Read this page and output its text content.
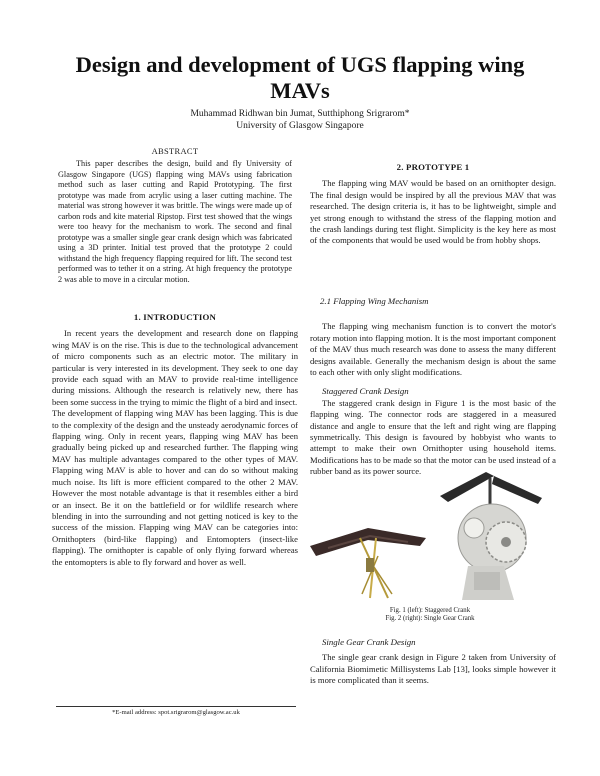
Design and development of UGS flapping wing MAVs
Muhammad Ridhwan bin Jumat, Sutthiphong Srigrarom*
University of Glasgow Singapore
ABSTRACT
This paper describes the design, build and fly University of Glasgow Singapore (UGS) flapping wing MAVs using fabrication method such as laser cutting and Rapid Prototyping. The first prototype was made from acrylic using a laser cutting machine. The material was strong however it was brittle. The wings were made up of carbon rods and kite material Ripstop. First test showed that the wings were too heavy for the mechanism to work. The second and final prototype was a smaller single gear crank design which was fabricated using a 3D printer. Initial test proved that the prototype 2 could withstand the high frequency flapping required for lift. The second test performed was to tether it on a string. At high frequency the prototype 2 was able to move in a circular motion.
1. INTRODUCTION

In recent years the development and research done on flapping wing MAV is on the rise. This is due to the technological advancement of micro components such as an electric motor. The military in particular is very interested in its development. They seek to one day provide each squad with an MAV to provide real-time intelligence during missions. Although the research is relatively new, there has been some success in the trying to mimic the flight of a bird and insect.

The development of flapping wing MAV has been lagging. This is due to the complexity of the design and the unsteady aerodynamic forces of flapping wing. Only in recent years, flapping wing MAV has been gradually being picked up and researched further. The flapping wing MAV has multiple advantages compared to the other types of MAV. Flapping wing MAV is able to hover and can do so without making much noise. Its lift is more efficient compared to the other 2 MAV. However the most notable advantage is that it resembles either a bird or an insect. Be it on the battlefield or for wildlife research where blending in into the surrounding and not getting noticed is key to the success of the mission. Flapping wing MAV can be categories into: Ornithopters (bird-like flapping) and Entomopters (insect-like flapping). The ornithopter is capable of only flying forward whereas the entomopters is able to fly forward and hover as well.

*E-mail address: spot.srigrarom@glasgow.ac.uk
2. PROTOTYPE 1

The flapping wing MAV would be based on an ornithopter design. The final design would be inspired by all the previous MAV that was researched. The design criteria is, it has to be lightweight, simple and yet strong enough to withstand the stress of the flapping motion and the crash landings during test flight. Simplicity is the key here as most of the components that would be used would be from hobby shops.

2.1 Flapping Wing Mechanism

The flapping wing mechanism function is to convert the motor's rotary motion into flapping motion. It is the most important component of the MAV thus much research was done to assess the many different designs available. Generally the mechanism design is about the same to each other with only slight modifications.

Staggered Crank Design

The staggered crank design in Figure 1 is the most basic of the flapping wing. The connector rods are staggered in a measured distance and angle to ensure that the left and right wing are flapping symmetrically. This design is favoured by hobbyist who wants to attempt to make their own Ornithopter using household items. Modifications has to be made so that the motor can be used instead of a rubber band as its power source.

Fig. 1 (left): Staggered Crank
Fig. 2 (right): Single Gear Crank
Single Gear Crank Design

The single gear crank design in Figure 2 taken from University of California Biomimetic Millisystems Lab [13], looks simple however it is more complicated than it seems.
